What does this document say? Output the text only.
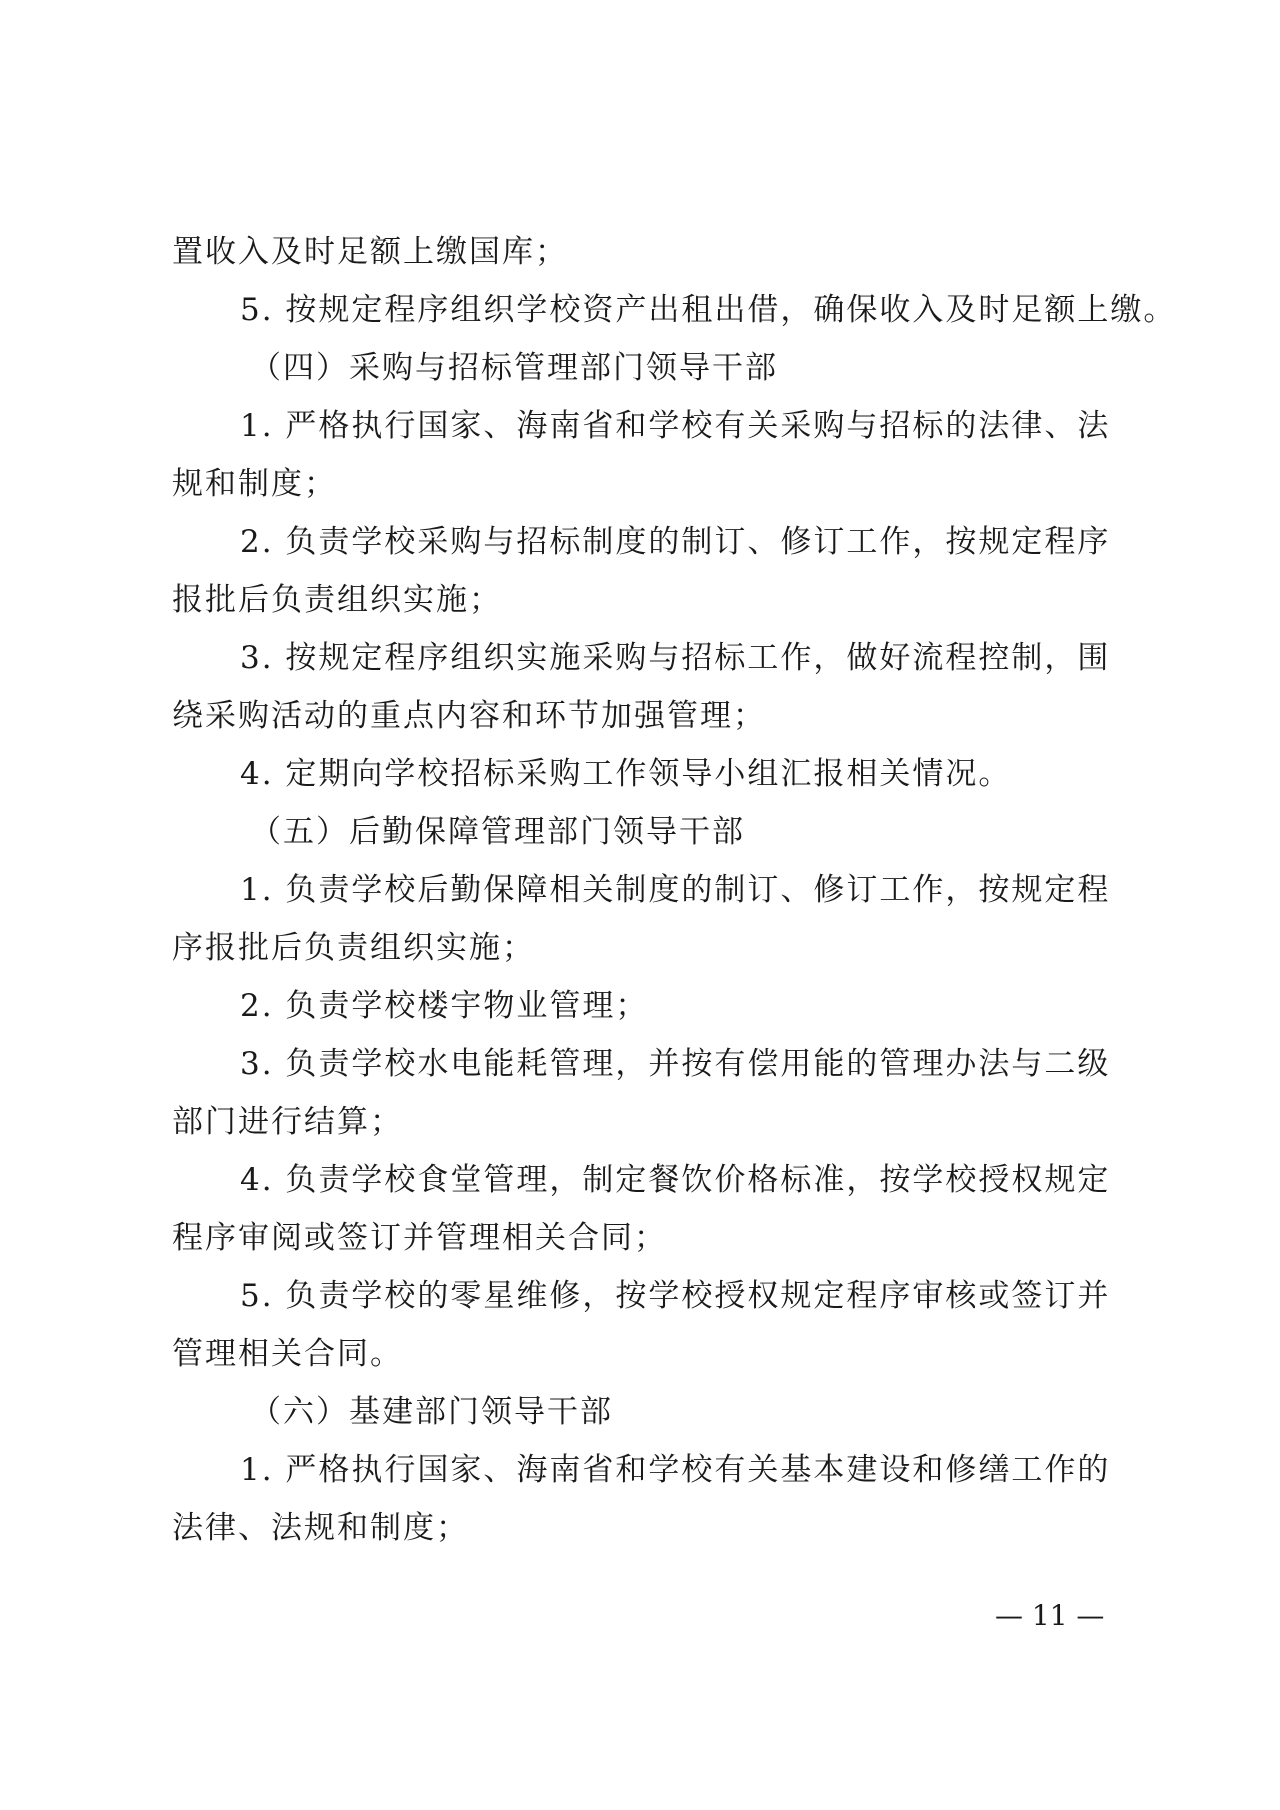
置收入及时足额上缴国库；
5. 按规定程序组织学校资产出租出借，确保收入及时足额上缴。
（四）采购与招标管理部门领导干部
1. 严格执行国家、海南省和学校有关采购与招标的法律、法
规和制度；
2. 负责学校采购与招标制度的制订、修订工作，按规定程序
报批后负责组织实施；
3. 按规定程序组织实施采购与招标工作，做好流程控制，围
绕采购活动的重点内容和环节加强管理；
4. 定期向学校招标采购工作领导小组汇报相关情况。
（五）后勤保障管理部门领导干部
1. 负责学校后勤保障相关制度的制订、修订工作，按规定程
序报批后负责组织实施；
2. 负责学校楼宇物业管理；
3. 负责学校水电能耗管理，并按有偿用能的管理办法与二级
部门进行结算；
4. 负责学校食堂管理，制定餐饮价格标准，按学校授权规定
程序审阅或签订并管理相关合同；
5. 负责学校的零星维修，按学校授权规定程序审核或签订并
管理相关合同。
（六）基建部门领导干部
1. 严格执行国家、海南省和学校有关基本建设和修缮工作的
法律、法规和制度；
— 11 —
